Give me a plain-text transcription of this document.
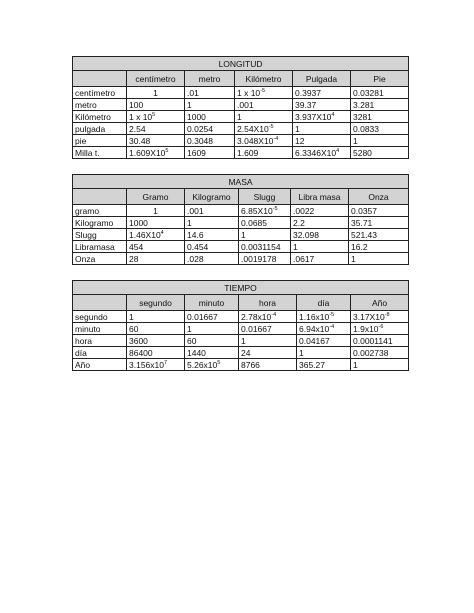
LONGITUD					
	centímetro	metro	Kilómetro	Pulgada	Pie
centímetro	1	.01	1 x $10^{-5}$	0.3937	0.03281
metro	100	1	.001	39.37	3.281
Kilómetro	1 x $10^5$	1000	1	$3.937X10^4$	3281
pulgada	2.54	0.0254	$2.54X10^{-5}$	1	0.0833
pie	30.48	0.3048	$3.048X10^{-4}$	12	1
Milla t.	$1.609X10^5$	1609	1.609	$6.3346X10^4$	5280
MASA					
	Gramo	Kilogramo	Slugg	Libra masa	Onza
gramo	1	.001	$6.85X10^{-5}$	.0022	0.0357
Kilogramo	1000	1	0.0685	2.2	35.71
Slugg	$1.46X10^4$	14.6	1	32.098	521.43
Libramasa	454	0.454	0.0031154	1	16.2
Onza	28	.028	.0019178	.0617	1
TIEMPO					
	segundo	minuto	hora	día	Año
segundo	1	0.01667	$2.78x10^{-4}$	$1.16x10^{-5}$	$3.17X10^{-8}$
minuto	60	1	0.01667	$6.94x10^{-4}$	$1.9x10^{-6}$
hora	3600	60	1	0.04167	0.0001141
día	86400	1440	24	1	0.002738
Año	$3.156x10^7$	$5.26x10^5$	8766	365.27	1
